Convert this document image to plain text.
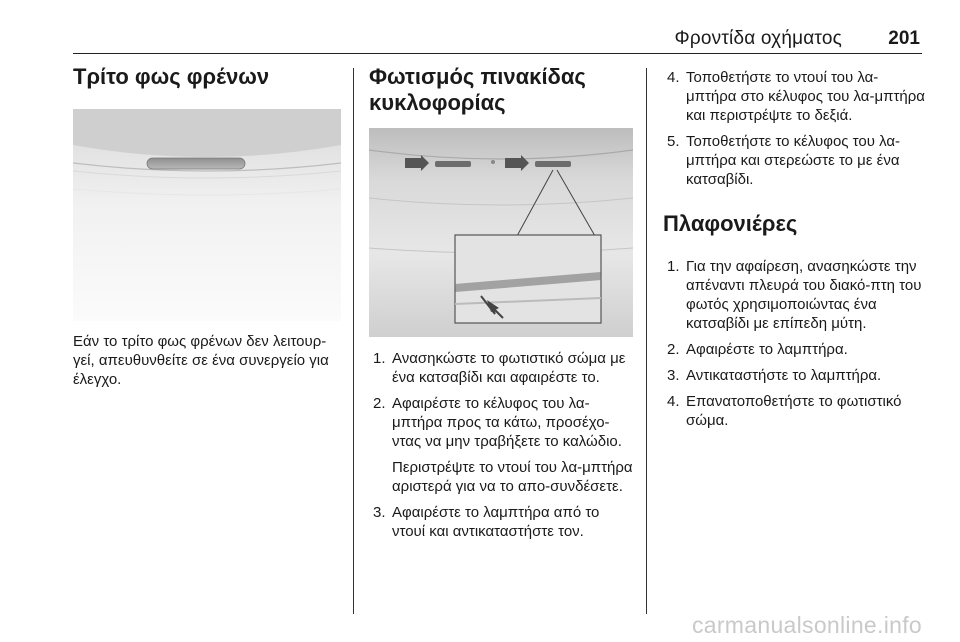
Φροντίδα οχήματος 201
Τρίτο φως φρένων

Εάν το τρίτο φως φρένων δεν λειτουρ-γεί, απευθυνθείτε σε ένα συνεργείο για έλεγχο.

Φωτισμός πινακίδας κυκλοφορίας
1. Ανασηκώστε το φωτιστικό σώμα με ένα κατσαβίδι και αφαιρέστε το.
2. Αφαιρέστε το κέλυφος του λα-μπτήρα προς τα κάτω, προσέχο-ντας να μην τραβήξετε το καλώδιο.
Περιστρέψτε το ντουί του λα-μπτήρα αριστερά για να το απο-συνδέσετε.
3. Αφαιρέστε το λαμπτήρα από το ντουί και αντικαταστήστε τον.
4. Τοποθετήστε το ντουί του λα-μπτήρα στο κέλυφος του λα-μπτήρα και περιστρέψτε το δεξιά.
5. Τοποθετήστε το κέλυφος του λα-μπτήρα και στερεώστε το με ένα κατσαβίδι.
Πλαφονιέρες
1. Για την αφαίρεση, ανασηκώστε την απέναντι πλευρά του διακό-πτη του φωτός χρησιμοποιώντας ένα κατσαβίδι με επίπεδη μύτη.
2. Αφαιρέστε το λαμπτήρα.
3. Αντικαταστήστε το λαμπτήρα.
4. Επανατοποθετήστε το φωτιστικό σώμα.
carmanualsonline.info
